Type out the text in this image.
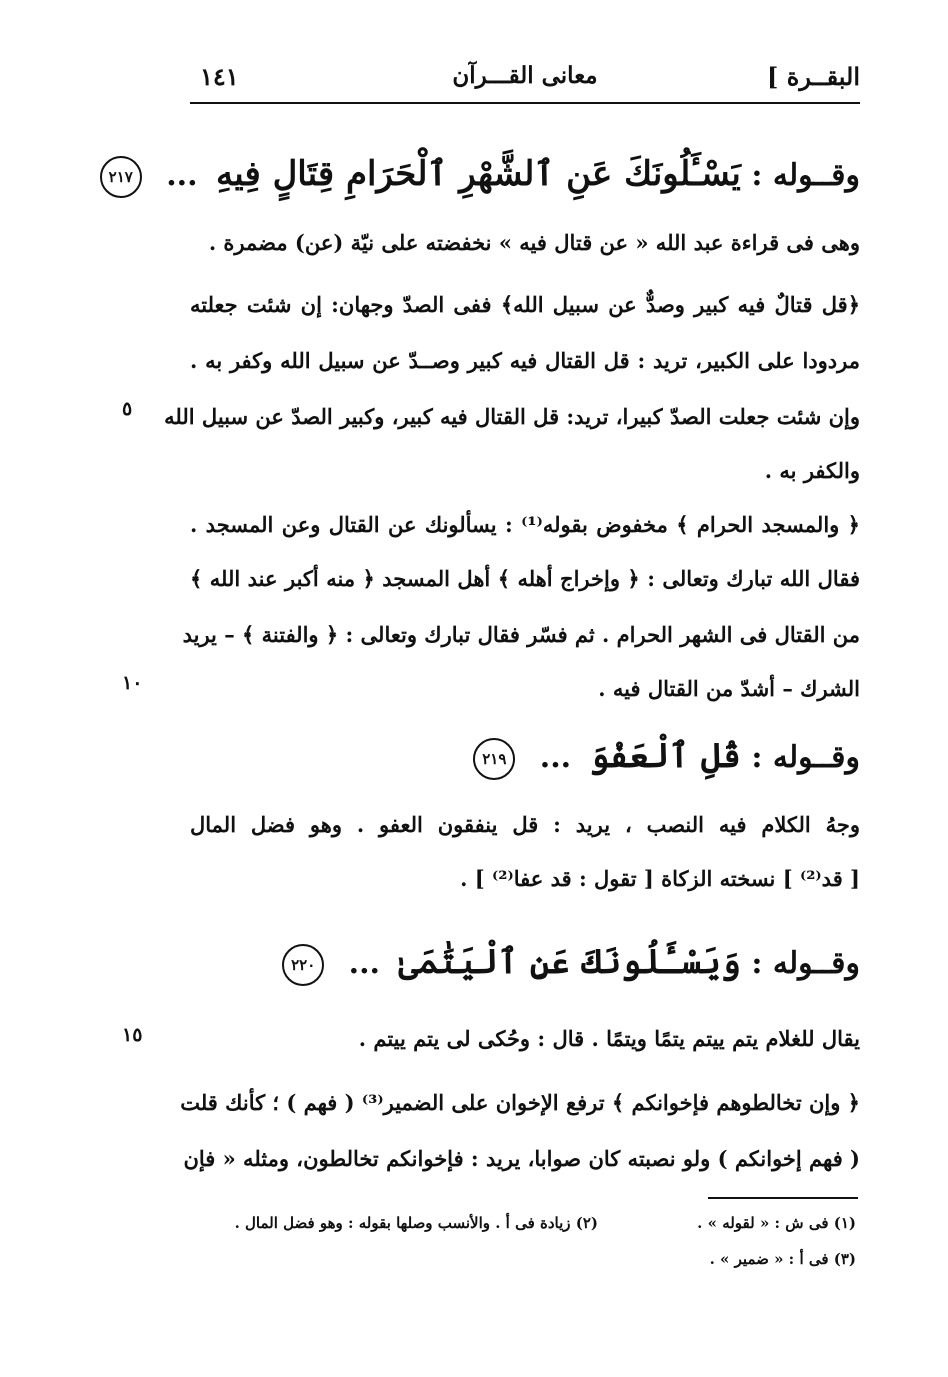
البقــرة ]
معانى القـــرآن
١٤١
وقــوله : يَسْـَٔلُونَكَ عَنِ ٱلشَّهْرِ ٱلْحَرَامِ قِتَالٍ فِيهِ ... ٢١٧
وهى فى قراءة عبد الله « عن قتال فيه » نخفضته على نيّة (عن) مضمرة .
﴿قل قتالٌ فيه كبير وصدٌّ عن سبيل الله﴾ ففى الصدّ وجهان: إن شئت جعلته
مردودا على الكبير، تريد : قل القتال فيه كبير وصــدّ عن سبيل الله وكفر به .
وإن شئت جعلت الصدّ كبيرا، تريد: قل القتال فيه كبير، وكبير الصدّ عن سبيل الله
والكفر به .
﴿ والمسجد الحرام ﴾ مخفوض بقوله⁽¹⁾ : يسألونك عن القتال وعن المسجد .
فقال الله تبارك وتعالى : ﴿ وإخراج أهله ﴾ أهل المسجد ﴿ منه أكبر عند الله ﴾
من القتال فى الشهر الحرام . ثم فسّر فقال تبارك وتعالى : ﴿ والفتنة ﴾ – يريد
الشرك – أشدّ من القتال فيه .
وقــوله : قُلِ ٱلْعَفْوَ ... ٢١٩
وجهُ الكلام فيه النصب ، يريد : قل ينفقون العفو . وهو فضل المال
[ قد⁽²⁾ ] نسخته الزكاة [ تقول : قد عفا⁽²⁾ ] .
وقــوله : وَيَسْـَٔلُونَكَ عَنِ ٱلْيَتَٰمَىٰ ... ٢٢٠
يقال للغلام يتم ييتم يتمًا ويتمًا . قال : وحُكى لى يتم ييتم .
﴿ وإن تخالطوهم فإخوانكم ﴾ ترفع الإخوان على الضمير⁽³⁾ ( فهم ) ؛ كأنك قلت
( فهم إخوانكم ) ولو نصبته كان صوابا، يريد : فإخوانكم تخالطون، ومثله « فإن
٥
١٠
١٥
(١) فى ش : « لقوله » .
(٢) زيادة فى أ . والأنسب وصلها بقوله : وهو فضل المال .
(٣) فى أ : « ضمير » .
